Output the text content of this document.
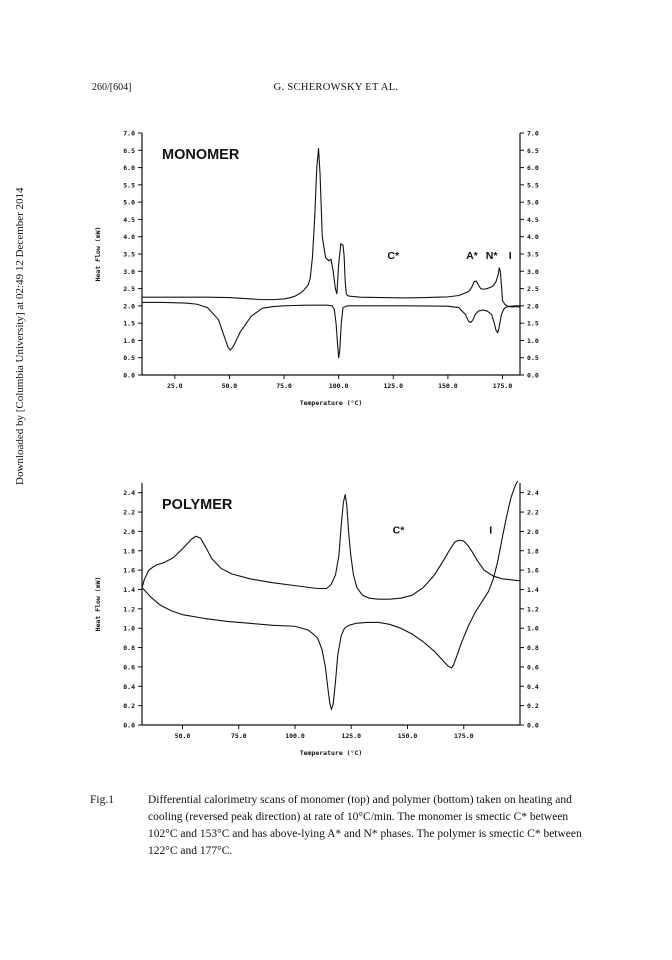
260/[604]	G. SCHEROWSKY ET AL.
Downloaded by [Columbia University] at 02:49 12 December 2014	0.0	0.0
0.5	0.5
1.0	1.0
1.5	1.5
2.0	2.0
2.5	2.5
3.0	3.0
3.5	3.5
4.0	4.0
4.5	4.5
5.0	5.0
5.5	5.5
6.0	6.0
6.5	6.5
7.0	7.0
25.0	50.0	75.0	100.0	125.0	150.0	175.0
Temperature (°C)
Heat Flow (mW)
MONOMER
C*	A* N* I
0.0	0.0
0.2	0.2
0.4	0.4
0.6	0.6
0.8	0.8
1.0	1.0
1.2	1.2
1.4	1.4
1.6	1.6
1.8	1.8
2.0	2.0
2.2	2.2
2.4	2.4
50.0	75.0	100.0	125.0	150.0	175.0
Temperature (°C)
Heat Flow (mW)
POLYMER
C*	I
Fig.1	Differential calorimetry scans of monomer (top) and polymer (bottom) taken on heating and cooling (reversed peak direction) at rate of 10°C/min. The monomer is smectic C* between 102°C and 153°C and has above-lying A* and N* phases. The polymer is smectic C* between 122°C and 177°C.
